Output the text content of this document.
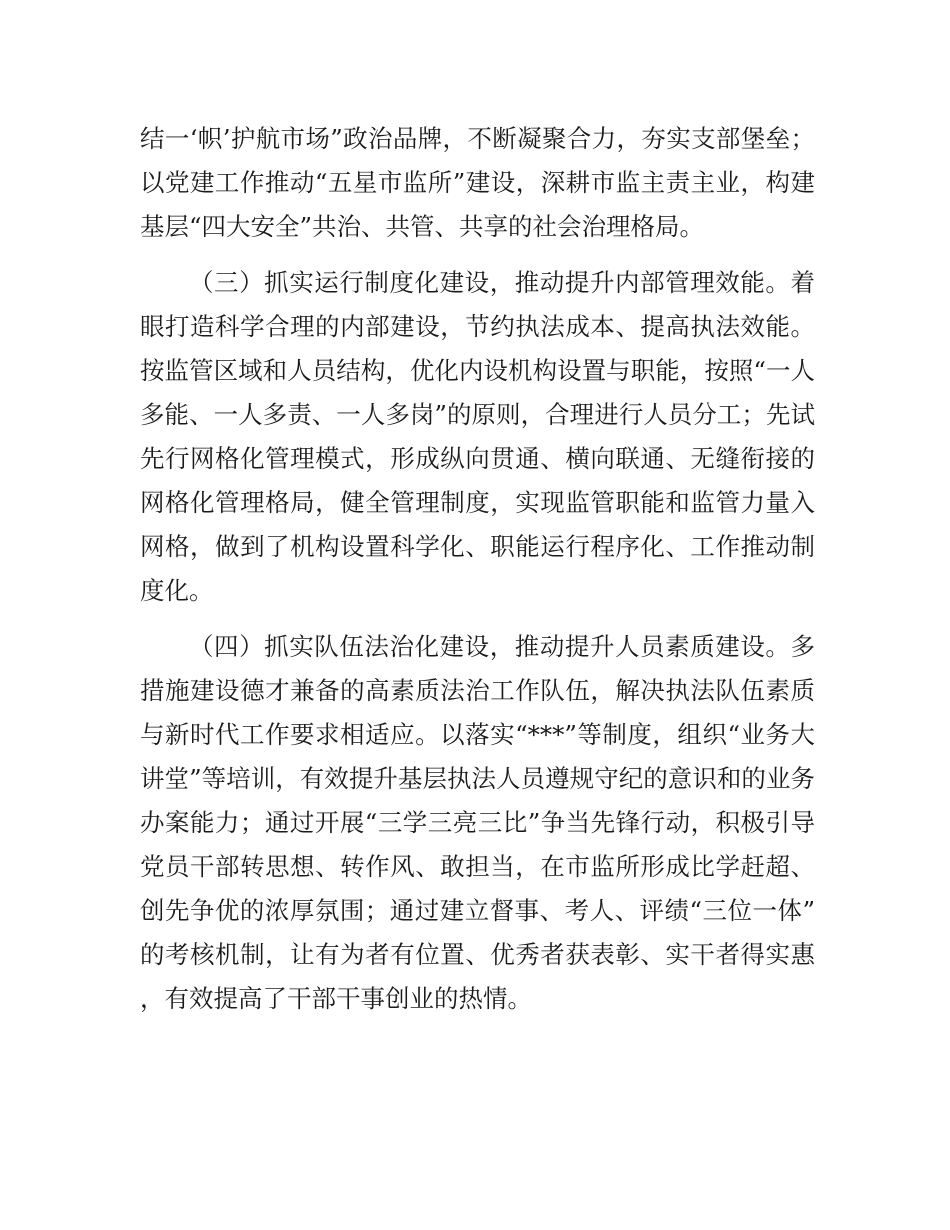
结一‘帜’护航市场”政治品牌，不断凝聚合力，夯实支部堡垒；以党建工作推动“五星市监所”建设，深耕市监主责主业，构建基层“四大安全”共治、共管、共享的社会治理格局。

（三）抓实运行制度化建设，推动提升内部管理效能。着眼打造科学合理的内部建设，节约执法成本、提高执法效能。按监管区域和人员结构，优化内设机构设置与职能，按照“一人多能、一人多责、一人多岗”的原则，合理进行人员分工；先试先行网格化管理模式，形成纵向贯通、横向联通、无缝衔接的网格化管理格局，健全管理制度，实现监管职能和监管力量入网格，做到了机构设置科学化、职能运行程序化、工作推动制度化。

（四）抓实队伍法治化建设，推动提升人员素质建设。多措施建设德才兼备的高素质法治工作队伍，解决执法队伍素质与新时代工作要求相适应。以落实“***”等制度，组织“业务大讲堂”等培训，有效提升基层执法人员遵规守纪的意识和的业务办案能力；通过开展“三学三亮三比”争当先锋行动，积极引导党员干部转思想、转作风、敢担当，在市监所形成比学赶超、创先争优的浓厚氛围；通过建立督事、考人、评绩“三位一体”的考核机制，让有为者有位置、优秀者获表彰、实干者得实惠，有效提高了干部干事创业的热情。
